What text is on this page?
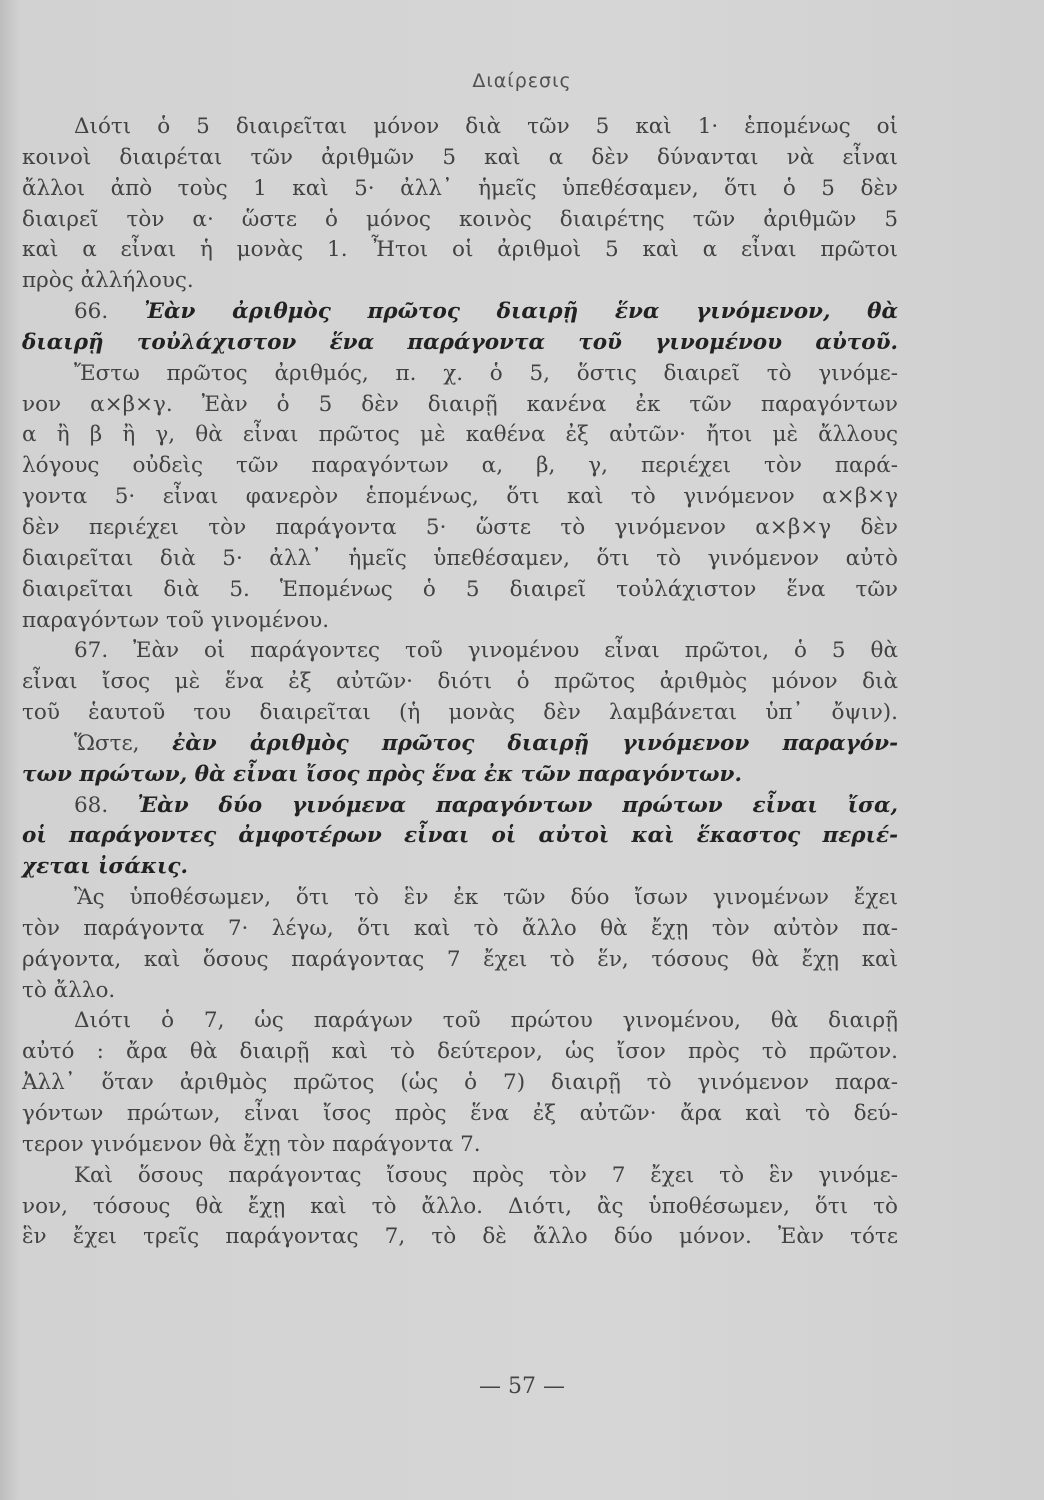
Διαίρεσις
Διότι ὁ 5 διαιρεῖται μόνον διὰ τῶν 5 καὶ 1· ἑπομένως οἱ
κοινοὶ διαιρέται τῶν ἀριθμῶν 5 καὶ α δὲν δύνανται νὰ εἶναι
ἄλλοι ἀπὸ τοὺς 1 καὶ 5· ἀλλ᾽ ἡμεῖς ὑπεθέσαμεν, ὅτι ὁ 5 δὲν
διαιρεῖ τὸν α· ὥστε ὁ μόνος κοινὸς διαιρέτης τῶν ἀριθμῶν 5
καὶ α εἶναι ἡ μονὰς 1. Ἦτοι οἱ ἀριθμοὶ 5 καὶ α εἶναι πρῶτοι
πρὸς ἀλλήλους.
66. Ἐὰν ἀριθμὸς πρῶτος διαιρῇ ἕνα γινόμενον, θὰ
διαιρῇ τοὐλάχιστον ἕνα παράγοντα τοῦ γινομένου αὐτοῦ.
Ἔστω πρῶτος ἀριθμός, π. χ. ὁ 5, ὅστις διαιρεῖ τὸ γινόμε-
νον α×β×γ. Ἐὰν ὁ 5 δὲν διαιρῇ κανένα ἐκ τῶν παραγόντων
α ἢ β ἢ γ, θὰ εἶναι πρῶτος μὲ καθένα ἐξ αὐτῶν· ἤτοι μὲ ἄλλους
λόγους οὐδεὶς τῶν παραγόντων α, β, γ, περιέχει τὸν παρά-
γοντα 5· εἶναι φανερὸν ἑπομένως, ὅτι καὶ τὸ γινόμενον α×β×γ
δὲν περιέχει τὸν παράγοντα 5· ὥστε τὸ γινόμενον α×β×γ δὲν
διαιρεῖται διὰ 5· ἀλλ᾽ ἡμεῖς ὑπεθέσαμεν, ὅτι τὸ γινόμενον αὐτὸ
διαιρεῖται διὰ 5. Ἑπομένως ὁ 5 διαιρεῖ τοὐλάχιστον ἕνα τῶν
παραγόντων τοῦ γινομένου.
67. Ἐὰν οἱ παράγοντες τοῦ γινομένου εἶναι πρῶτοι, ὁ 5 θὰ
εἶναι ἴσος μὲ ἕνα ἐξ αὐτῶν· διότι ὁ πρῶτος ἀριθμὸς μόνον διὰ
τοῦ ἑαυτοῦ του διαιρεῖται (ἡ μονὰς δὲν λαμβάνεται ὑπ᾽ ὄψιν).
Ὥστε, ἐὰν ἀριθμὸς πρῶτος διαιρῇ γινόμενον παραγόν-
των πρώτων, θὰ εἶναι ἴσος πρὸς ἕνα ἐκ τῶν παραγόντων.
68. Ἐὰν δύο γινόμενα παραγόντων πρώτων εἶναι ἴσα,
οἱ παράγοντες ἀμφοτέρων εἶναι οἱ αὐτοὶ καὶ ἕκαστος περιέ-
χεται ἰσάκις.
Ἂς ὑποθέσωμεν, ὅτι τὸ ἓν ἐκ τῶν δύο ἴσων γινομένων ἔχει
τὸν παράγοντα 7· λέγω, ὅτι καὶ τὸ ἄλλο θὰ ἔχῃ τὸν αὐτὸν πα-
ράγοντα, καὶ ὅσους παράγοντας 7 ἔχει τὸ ἕν, τόσους θὰ ἔχῃ καὶ
τὸ ἄλλο.
Διότι ὁ 7, ὡς παράγων τοῦ πρώτου γινομένου, θὰ διαιρῇ
αὐτό : ἄρα θὰ διαιρῇ καὶ τὸ δεύτερον, ὡς ἴσον πρὸς τὸ πρῶτον.
Ἀλλ᾽ ὅταν ἀριθμὸς πρῶτος (ὡς ὁ 7) διαιρῇ τὸ γινόμενον παρα-
γόντων πρώτων, εἶναι ἴσος πρὸς ἕνα ἐξ αὐτῶν· ἄρα καὶ τὸ δεύ-
τερον γινόμενον θὰ ἔχῃ τὸν παράγοντα 7.
Καὶ ὅσους παράγοντας ἴσους πρὸς τὸν 7 ἔχει τὸ ἓν γινόμε-
νον, τόσους θὰ ἔχῃ καὶ τὸ ἄλλο. Διότι, ἂς ὑποθέσωμεν, ὅτι τὸ
ἓν ἔχει τρεῖς παράγοντας 7, τὸ δὲ ἄλλο δύο μόνον. Ἐὰν τότε
— 57 —
